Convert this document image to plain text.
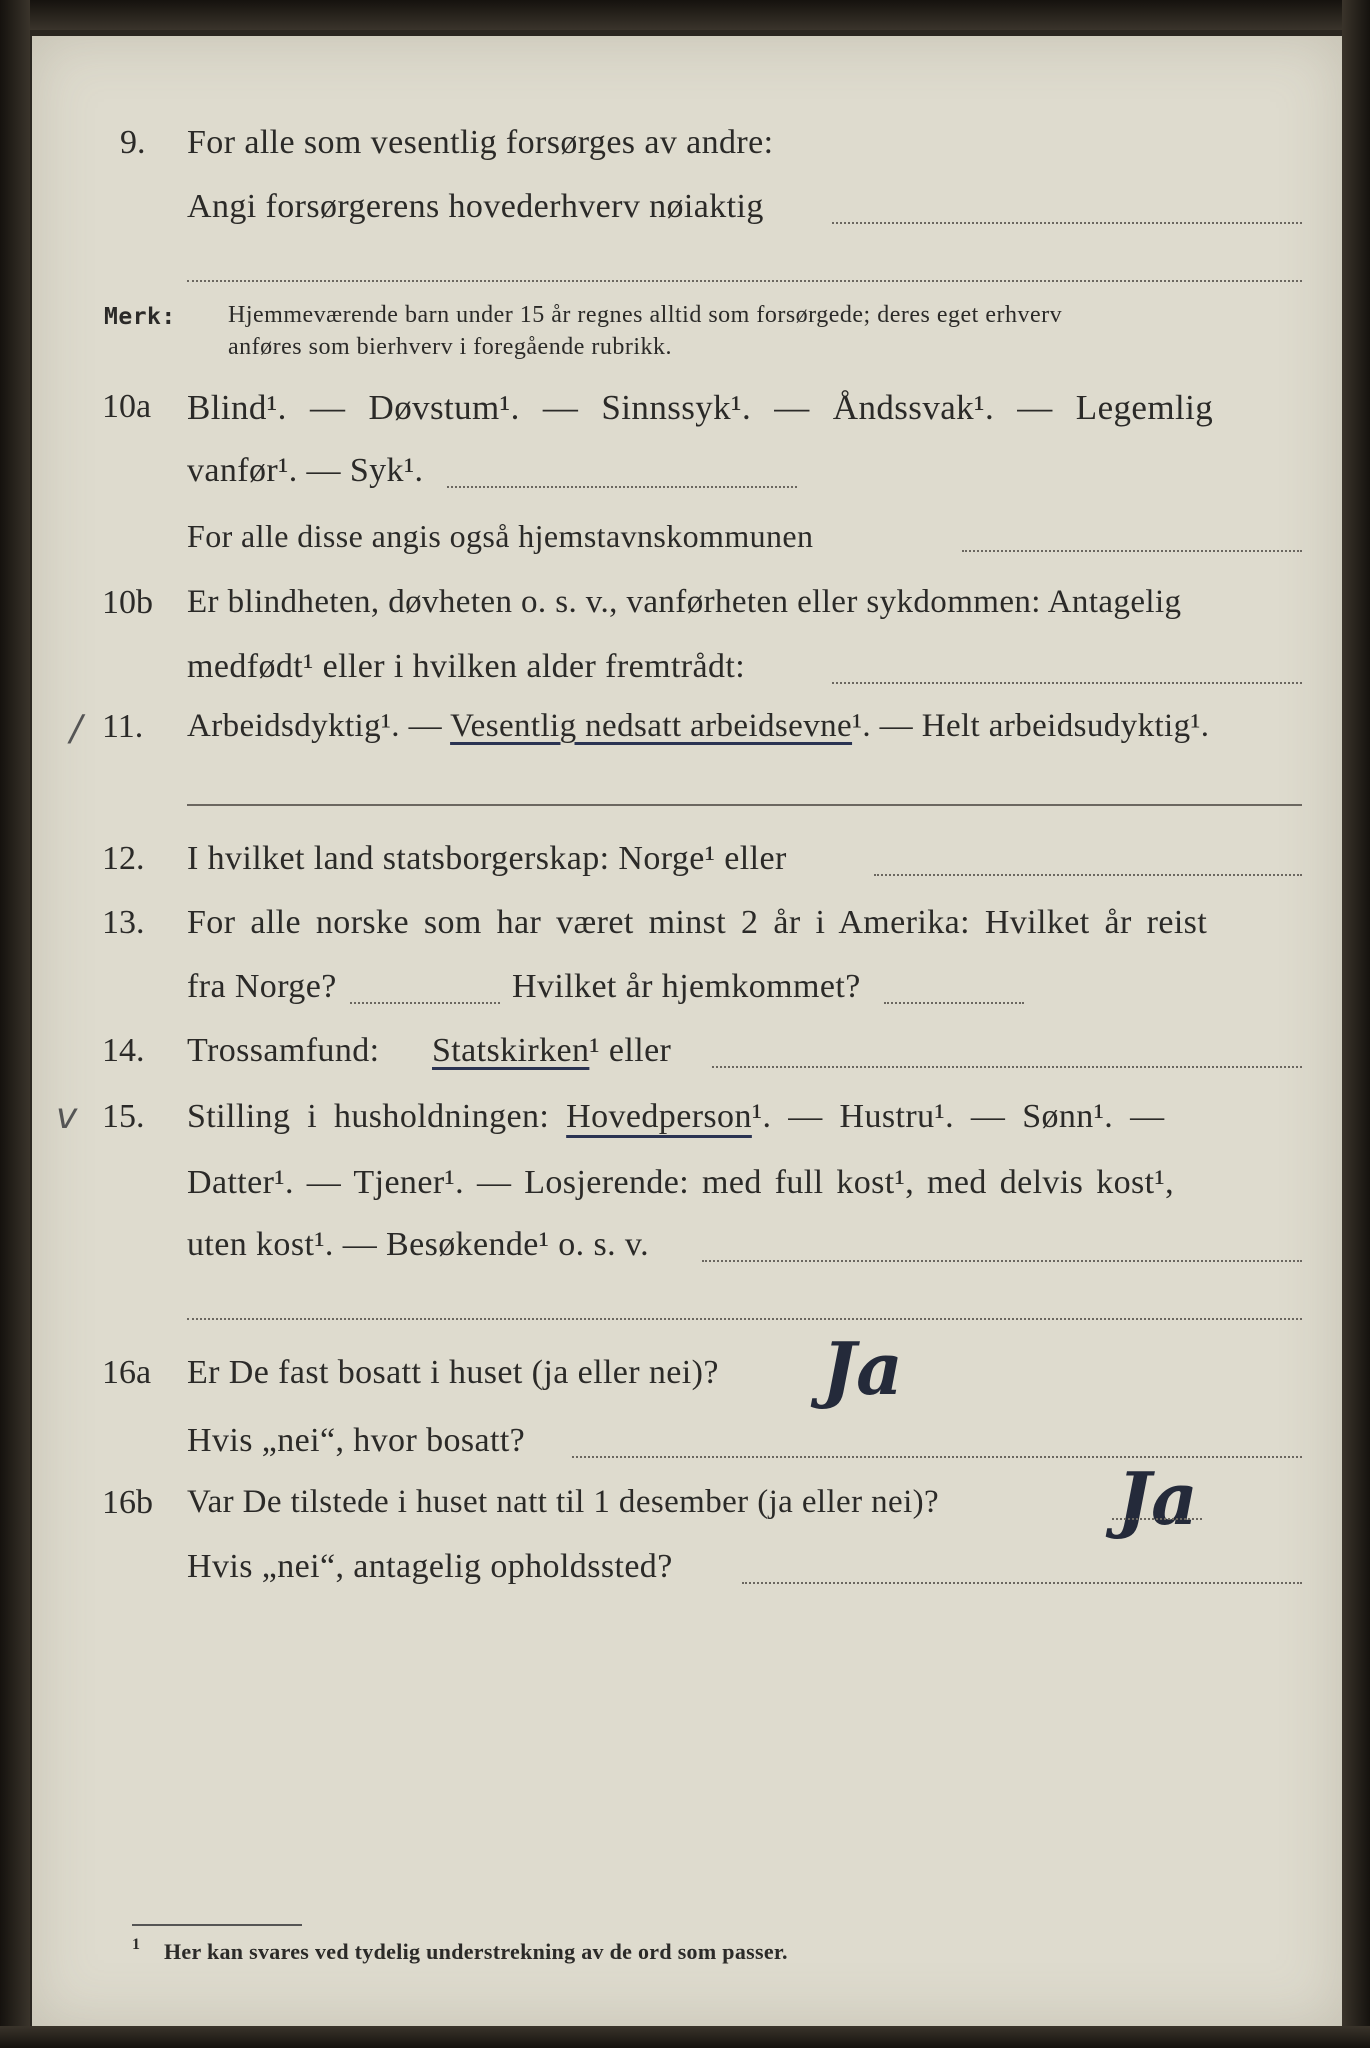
9. For alle som vesentlig forsørges av andre:
Angi forsørgerens hovederhverv nøiaktig
Merk: Hjemmeværende barn under 15 år regnes alltid som forsørgede; deres eget erhverv
anføres som bierhverv i foregående rubrikk.
10a Blind¹. — Døvstum¹. — Sinnssyk¹. — Åndssvak¹. — Legemlig
vanfør¹. — Syk¹.
For alle disse angis også hjemstavnskommunen
10b Er blindheten, døvheten o. s. v., vanførheten eller sykdommen: Antagelig
medfødt¹ eller i hvilken alder fremtrådt:
/ 11. Arbeidsdyktig¹. — Vesentlig nedsatt arbeidsevne¹. — Helt arbeidsudyktig¹.
12. I hvilket land statsborgerskap: Norge¹ eller
13. For alle norske som har været minst 2 år i Amerika: Hvilket år reist
fra Norge?	Hvilket år hjemkommet?
14. Trossamfund: Statskirken¹ eller
v 15. Stilling i husholdningen: Hovedperson¹. — Hustru¹. — Sønn¹. —
Datter¹. — Tjener¹. — Losjerende: med full kost¹, med delvis kost¹,
uten kost¹. — Besøkende¹ o. s. v.
16a Er De fast bosatt i huset (ja eller nei)? Ja
Hvis „nei“, hvor bosatt?
16b Var De tilstede i huset natt til 1 desember (ja eller nei)? Ja
Hvis „nei“, antagelig opholdssted?
1 Her kan svares ved tydelig understrekning av de ord som passer.
